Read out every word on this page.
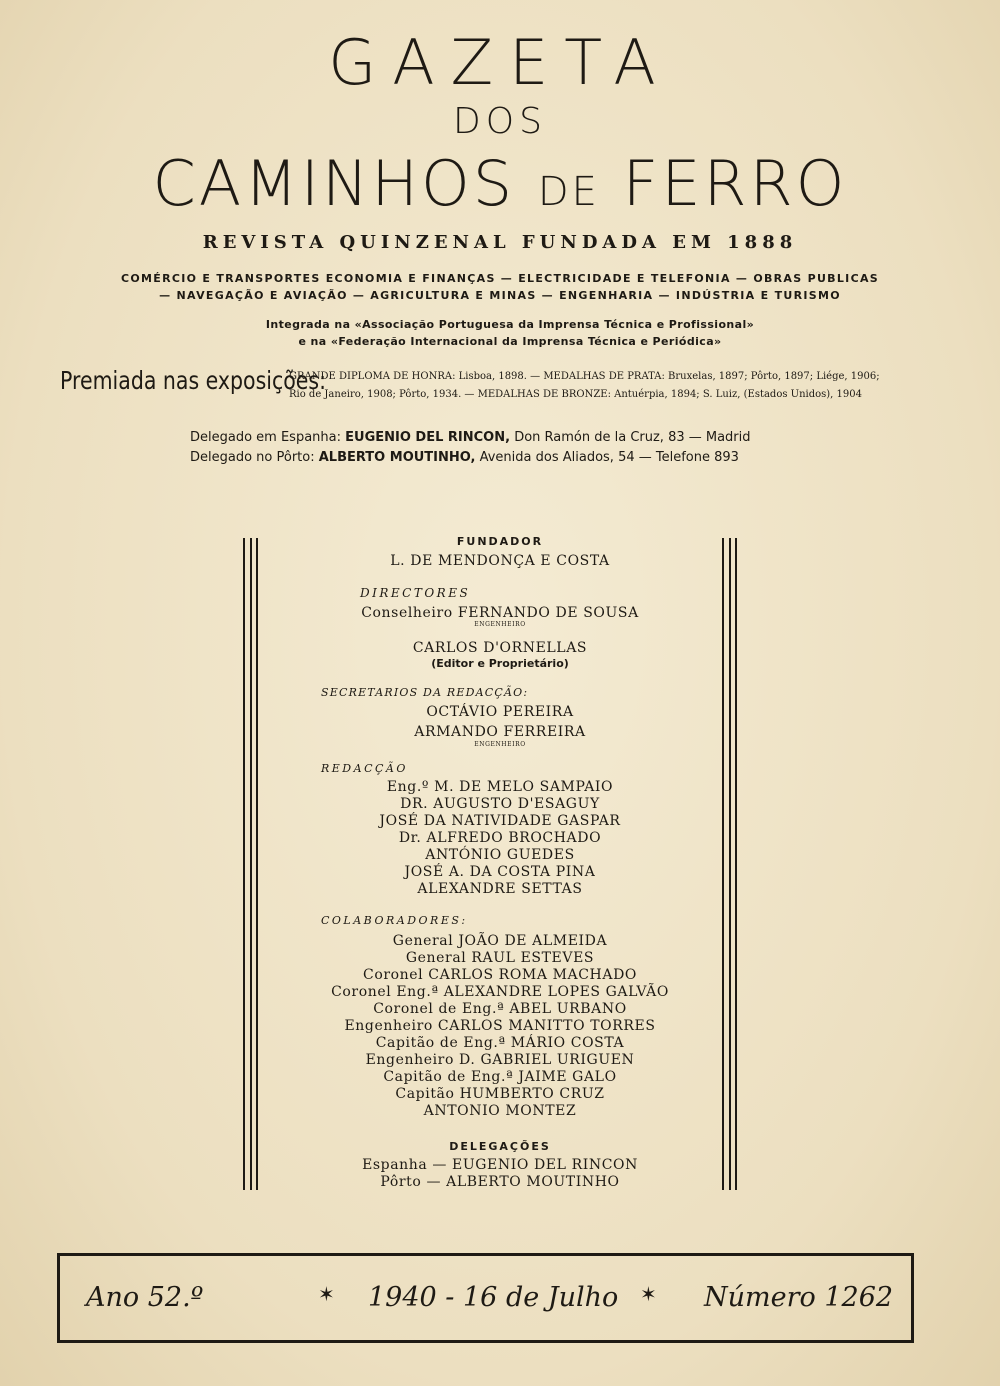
GAZETA
DOS
CAMINHOS DE FERRO
REVISTA QUINZENAL FUNDADA EM 1888
COMÉRCIO E TRANSPORTES ECONOMIA E FINANÇAS — ELECTRICIDADE E TELEFONIA — OBRAS PUBLICAS
— NAVEGAÇÃO E AVIAÇÃO — AGRICULTURA E MINAS — ENGENHARIA — INDÚSTRIA E TURISMO
Integrada na «Associação Portuguesa da Imprensa Técnica e Profissional»
e na «Federação Internacional da Imprensa Técnica e Periódica»
Premiada nas exposições:
GRANDE DIPLOMA DE HONRA: Lisboa, 1898. — MEDALHAS DE PRATA: Bruxelas, 1897; Pôrto, 1897; Liége, 1906;
Rio de Janeiro, 1908; Pôrto, 1934. — MEDALHAS DE BRONZE: Antuérpia, 1894; S. Luiz, (Estados Unidos), 1904
Delegado em Espanha: EUGENIO DEL RINCON, Don Ramón de la Cruz, 83 — Madrid
Delegado no Pôrto: ALBERTO MOUTINHO, Avenida dos Aliados, 54 — Telefone 893
FUNDADOR
L. DE MENDONÇA E COSTA
DIRECTORES
Conselheiro FERNANDO DE SOUSA
ENGENHEIRO
CARLOS D'ORNELLAS
(Editor e Proprietário)
SECRETARIOS DA REDACÇÃO:
OCTÁVIO PEREIRA
ARMANDO FERREIRA
ENGENHEIRO
REDACÇÃO
Eng.º M. DE MELO SAMPAIO
DR. AUGUSTO D'ESAGUY
JOSÉ DA NATIVIDADE GASPAR
Dr. ALFREDO BROCHADO
ANTÓNIO GUEDES
JOSÉ A. DA COSTA PINA
ALEXANDRE SETTAS
COLABORADORES:
General JOÃO DE ALMEIDA
General RAUL ESTEVES
Coronel CARLOS ROMA MACHADO
Coronel Eng.ª ALEXANDRE LOPES GALVÃO
Coronel de Eng.ª ABEL URBANO
Engenheiro CARLOS MANITTO TORRES
Capitão de Eng.ª MÁRIO COSTA
Engenheiro D. GABRIEL URIGUEN
Capitão de Eng.ª JAIME GALO
Capitão HUMBERTO CRUZ
ANTONIO MONTEZ
DELEGAÇÕES
Espanha — EUGENIO DEL RINCON
Pôrto — ALBERTO MOUTINHO
Ano 52.º	✶ 1940 - 16 de Julho ✶ Número 1262
